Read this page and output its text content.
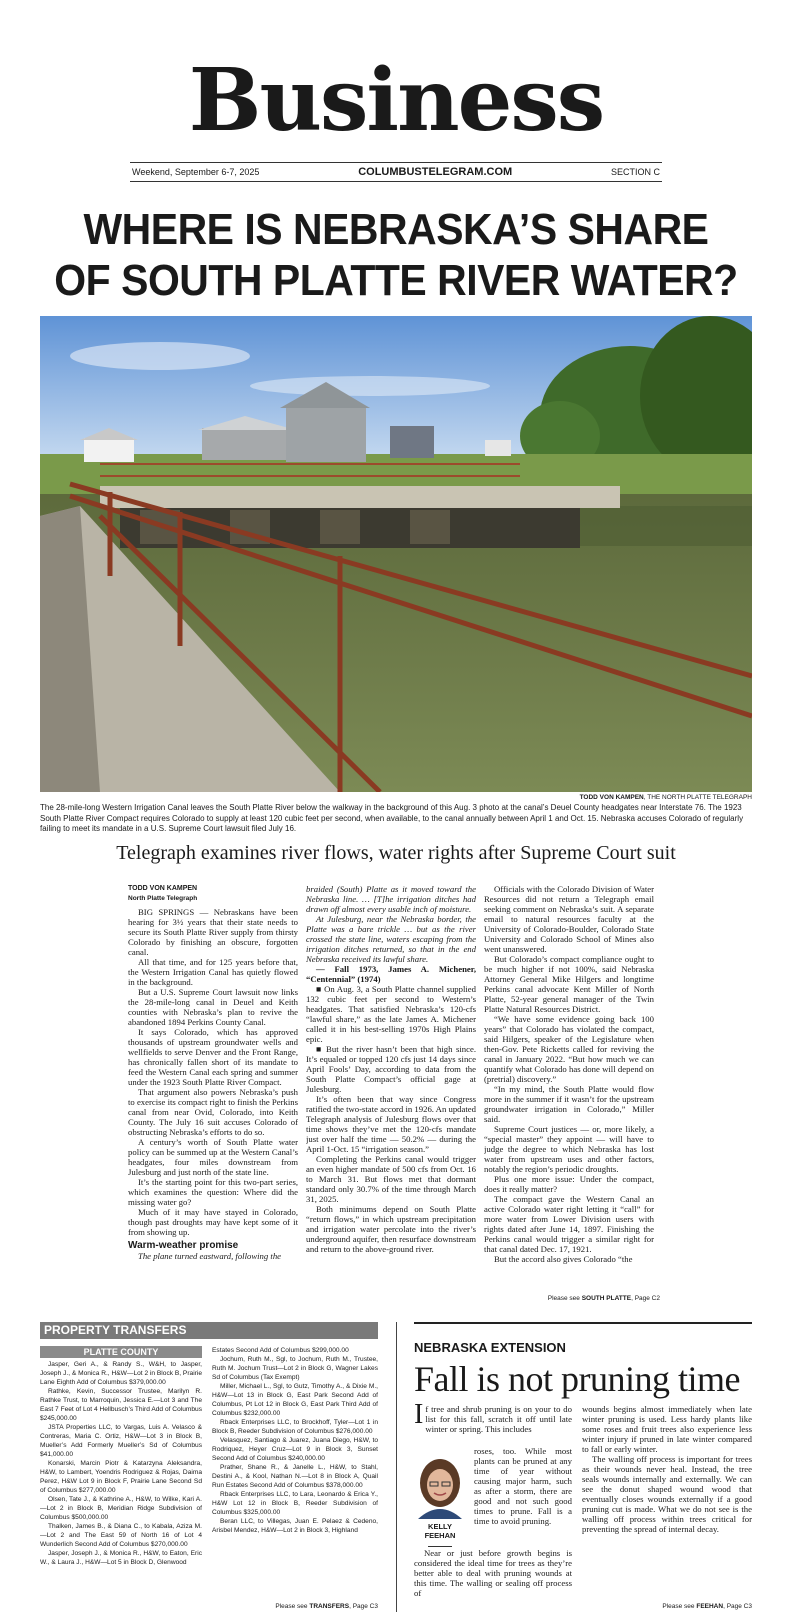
Business
Weekend, September 6-7, 2025	COLUMBUSTELEGRAM.COM	SECTION C
WHERE IS NEBRASKA’S SHARE
OF SOUTH PLATTE RIVER WATER?
TODD VON KAMPEN, THE NORTH PLATTE TELEGRAPH
The 28-mile-long Western Irrigation Canal leaves the South Platte River below the walkway in the background of this Aug. 3 photo at the canal’s Deuel County headgates near Interstate 76. The 1923 South Platte River Compact requires Colorado to supply at least 120 cubic feet per second, when available, to the canal annually between April 1 and Oct. 15. Nebraska accuses Colorado of regularly failing to meet its mandate in a U.S. Supreme Court lawsuit filed July 16.
Telegraph examines river flows, water rights after Supreme Court suit

TODD VON KAMPEN

North Platte Telegraph

BIG SPRINGS — Nebraskans have been hearing for 3½ years that their state needs to secure its South Platte River supply from thirsty Colorado by finishing an obscure, forgotten canal.

All that time, and for 125 years before that, the Western Irrigation Canal has quietly flowed in the background.

But a U.S. Supreme Court lawsuit now links the 28-mile-long canal in Deuel and Keith counties with Nebraska’s plan to revive the abandoned 1894 Perkins County Canal.

It says Colorado, which has approved thousands of upstream groundwater wells and wellfields to serve Denver and the Front Range, has chronically fallen short of its mandate to feed the Western Canal each spring and summer under the 1923 South Platte River Compact.

That argument also powers Nebraska’s push to exercise its compact right to finish the Perkins canal from near Ovid, Colorado, into Keith County. The July 16 suit accuses Colorado of obstructing Nebraska’s efforts to do so.

A century’s worth of South Platte water policy can be summed up at the Western Canal’s headgates, four miles downstream from Julesburg and just north of the state line.

It’s the starting point for this two-part series, which examines the question: Where did the missing water go?

Much of it may have stayed in Colorado, though past droughts may have kept some of it from showing up.

Warm-weather promise

The plane turned eastward, following the

braided (South) Platte as it moved toward the Nebraska line. … [T]he irrigation ditches had drawn off almost every usable inch of moisture.

At Julesburg, near the Nebraska border, the Platte was a bare trickle … but as the river crossed the state line, waters escaping from the irrigation ditches returned, so that in the end Nebraska received its lawful share.

— Fall 1973, James A. Michener, “Centennial” (1974)

■ On Aug. 3, a South Platte channel supplied 132 cubic feet per second to Western’s headgates. That satisfied Nebraska’s 120-cfs “lawful share,” as the late James A. Michener called it in his best-selling 1970s High Plains epic.

■ But the river hasn’t been that high since. It’s equaled or topped 120 cfs just 14 days since April Fools’ Day, according to data from the South Platte Compact’s official gage at Julesburg.

It’s often been that way since Congress ratified the two-state accord in 1926. An updated Telegraph analysis of Julesburg flows over that time shows they’ve met the 120-cfs mandate just over half the time — 50.2% — during the April 1-Oct. 15 “irrigation season.”

Completing the Perkins canal would trigger an even higher mandate of 500 cfs from Oct. 16 to March 31. But flows met that dormant standard only 30.7% of the time through March 31, 2025.

Both minimums depend on South Platte “return flows,” in which upstream precipitation and irrigation water percolate into the river’s underground aquifer, then resurface downstream and return to the above-ground river.

Officials with the Colorado Division of Water Resources did not return a Telegraph email seeking comment on Nebraska’s suit. A separate email to natural resources faculty at the University of Colorado-Boulder, Colorado State University and Colorado School of Mines also went unanswered.

But Colorado’s compact compliance ought to be much higher if not 100%, said Nebraska Attorney General Mike Hilgers and longtime Perkins canal advocate Kent Miller of North Platte, 52-year general manager of the Twin Platte Natural Resources District.

“We have some evidence going back 100 years” that Colorado has violated the compact, said Hilgers, speaker of the Legislature when then-Gov. Pete Ricketts called for reviving the canal in January 2022. “But how much we can quantify what Colorado has done will depend on (pretrial) discovery.”

“In my mind, the South Platte would flow more in the summer if it wasn’t for the upstream groundwater irrigation in Colorado,” Miller said.

Supreme Court justices — or, more likely, a “special master” they appoint — will have to judge the degree to which Nebraska has lost water from upstream uses and other factors, notably the region’s periodic droughts.

Plus one more issue: Under the compact, does it really matter?

The compact gave the Western Canal an active Colorado water right letting it “call” for more water from Lower Division users with rights dated after June 14, 1897. Finishing the Perkins canal would trigger a similar right for that canal dated Dec. 17, 1921.

But the accord also gives Colorado “the

Please see SOUTH PLATTE, Page C2
PROPERTY TRANSFERS
PLATTE COUNTY

Jasper, Geri A., & Randy S., W&H, to Jasper, Joseph J., & Monica R., H&W—Lot 2 in Block B, Prairie Lane Eighth Add of Columbus $379,000.00

Rathke, Kevin, Successor Trustee, Marilyn R. Rathke Trust, to Marroquin, Jessica E.—Lot 3 and The East 7 Feet of Lot 4 Hellbusch’s Third Add of Columbus $245,000.00

JSTA Properties LLC, to Vargas, Luis A. Velasco & Contreras, Maria C. Ortiz, H&W—Lot 3 in Block B, Mueller’s Add Formerly Mueller’s Sd of Columbus $41,000.00

Konarski, Marcin Piotr & Katarzyna Aleksandra, H&W, to Lambert, Yoendris Rodriguez & Rojas, Daima Perez, H&W Lot 9 in Block F, Prairie Lane Second Sd of Columbus $277,000.00

Olsen, Tate J., & Kathrine A., H&W, to Wilke, Kari A.—Lot 2 in Block B, Meridian Ridge Subdivision of Columbus $500,000.00

Thalken, James B., & Diana C., to Kabala, Aziza M.—Lot 2 and The East 59 of North 16 of Lot 4 Wunderlich Second Add of Columbus $270,000.00

Jasper, Joseph J., & Monica R., H&W, to Eaton, Eric W., & Laura J., H&W—Lot 5 in Block D, Glenwood

Estates Second Add of Columbus $299,000.00

Jochum, Ruth M., Sgl, to Jochum, Ruth M., Trustee, Ruth M. Jochum Trust—Lot 2 in Block G, Wagner Lakes Sd of Columbus (Tax Exempt)

Miller, Michael L., Sgl, to Gutz, Timothy A., & Dixie M., H&W—Lot 13 in Block G, East Park Second Add of Columbus, Pt Lot 12 in Block G, East Park Third Add of Columbus $232,000.00

Rback Enterprises LLC, to Brockhoff, Tyler—Lot 1 in Block B, Reeder Subdivision of Columbus $276,000.00

Velasquez, Santiago & Juarez, Juana Diego, H&W, to Rodriquez, Heyer Cruz—Lot 9 in Block 3, Sunset Second Add of Columbus $240,000.00

Prather, Shane R., & Janelle L., H&W, to Stahl, Destini A., & Kool, Nathan N.—Lot 8 in Block A, Quail Run Estates Second Add of Columbus $378,000.00

Rback Enterprises LLC, to Lara, Leonardo & Erica Y., H&W Lot 12 in Block B, Reeder Subdivision of Columbus $325,000.00

Beran LLC, to Villegas, Juan E. Pelaez & Cedeno, Arisbel Mendez, H&W—Lot 2 in Block 3, Highland

Please see TRANSFERS, Page C3
NEBRASKA EXTENSION
Fall is not pruning time
If tree and shrub pruning is on your to do list for this fall, scratch it off until late winter or spring. This includes
KELLY
FEEHAN

roses, too. While most plants can be pruned at any time of year without causing major harm, such as after a storm, there are good and not such good times to prune. Fall is a time to avoid pruning.

Near or just before growth begins is considered the ideal time for trees as they’re better able to deal with pruning wounds at this time. The walling or sealing off process of

wounds begins almost immediately when late winter pruning is used. Less hardy plants like some roses and fruit trees also experience less winter injury if pruned in late winter compared to fall or early winter.

The walling off process is important for trees as their wounds never heal. Instead, the tree seals wounds internally and externally. We can see the donut shaped wound wood that eventually closes wounds externally if a good pruning cut is made. What we do not see is the walling off process within trees critical for preventing the spread of internal decay.

Please see FEEHAN, Page C3
